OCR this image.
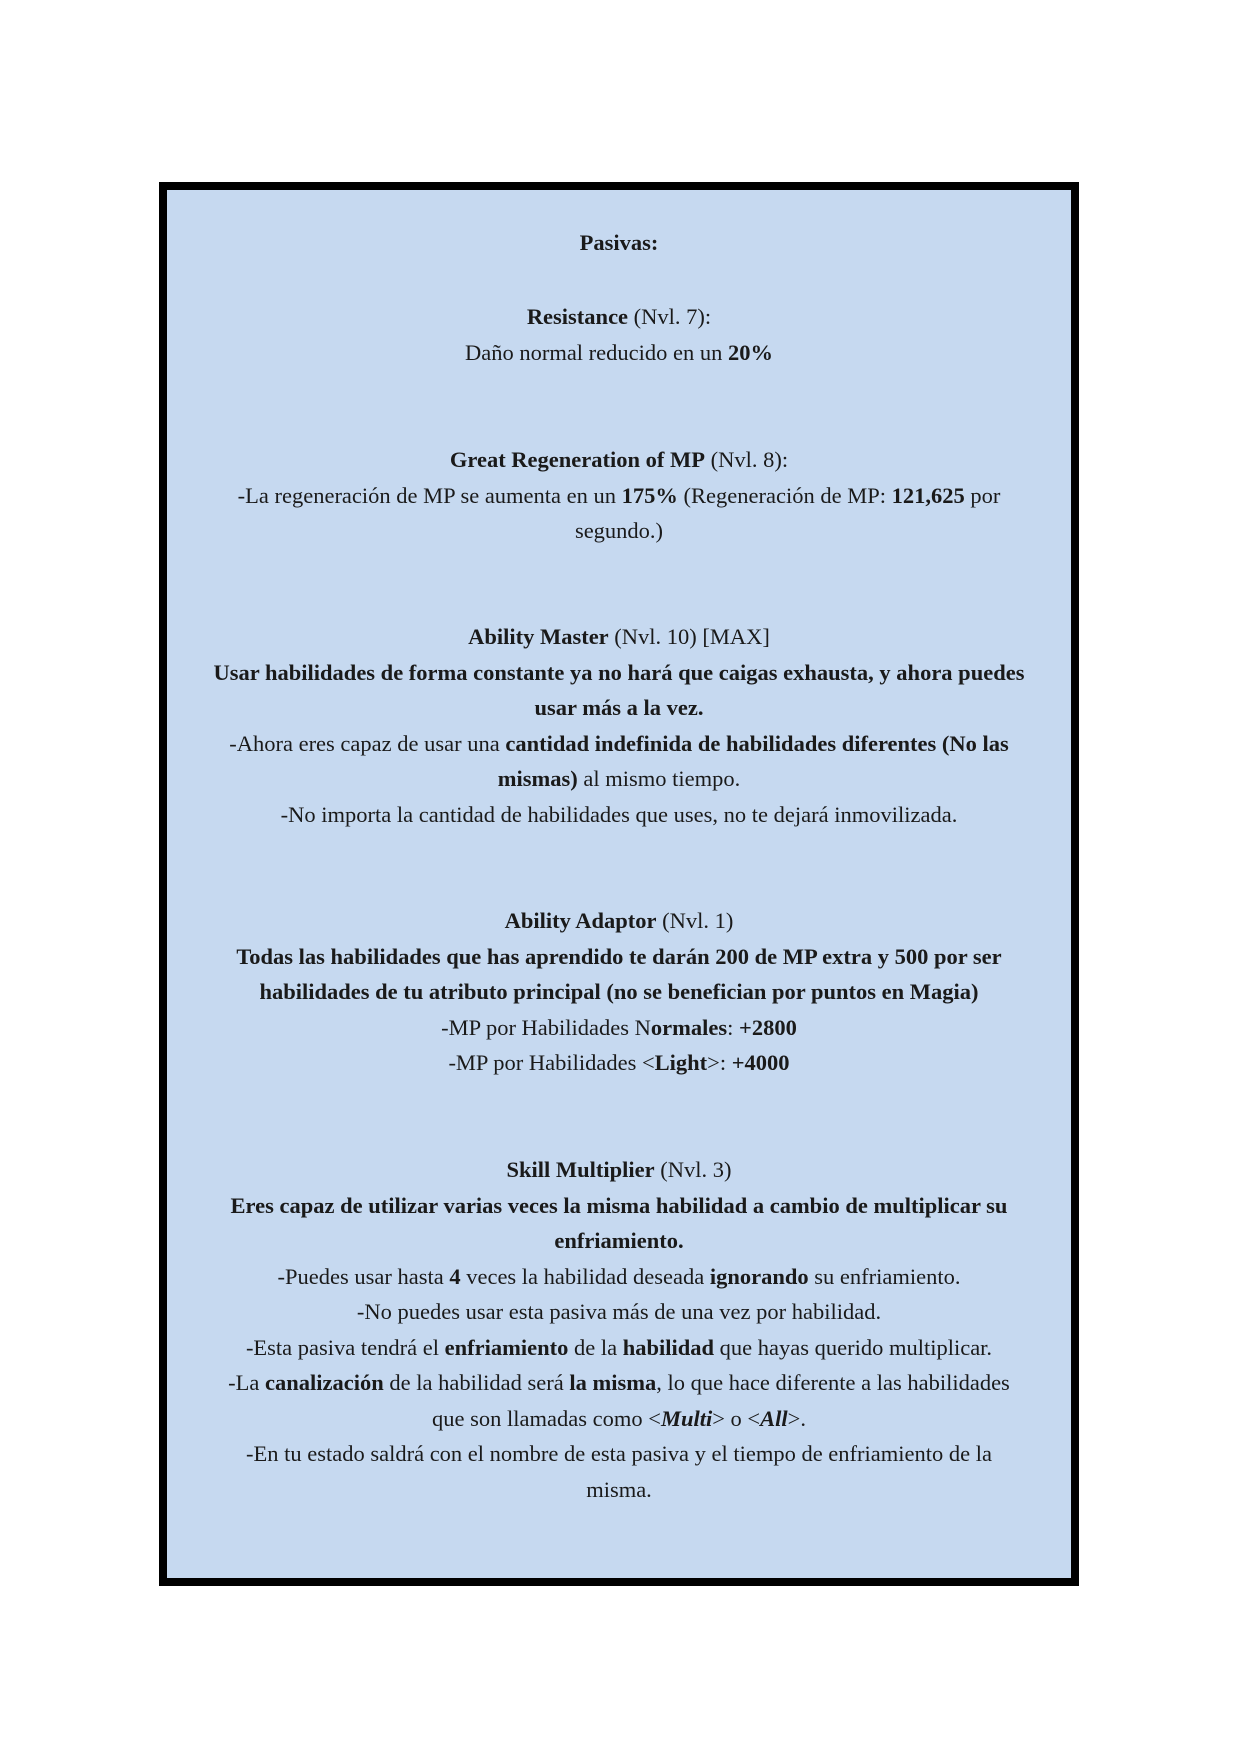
Pasivas:
Resistance (Nvl. 7):
Daño normal reducido en un 20%
Great Regeneration of MP (Nvl. 8):
-La regeneración de MP se aumenta en un 175% (Regeneración de MP: 121,625 por
segundo.)
Ability Master (Nvl. 10) [MAX]
Usar habilidades de forma constante ya no hará que caigas exhausta, y ahora puedes
usar más a la vez.
-Ahora eres capaz de usar una cantidad indefinida de habilidades diferentes (No las
mismas) al mismo tiempo.
-No importa la cantidad de habilidades que uses, no te dejará inmovilizada.
Ability Adaptor (Nvl. 1)
Todas las habilidades que has aprendido te darán 200 de MP extra y 500 por ser
habilidades de tu atributo principal (no se benefician por puntos en Magia)
-MP por Habilidades Normales: +2800
-MP por Habilidades <Light>: +4000
Skill Multiplier (Nvl. 3)
Eres capaz de utilizar varias veces la misma habilidad a cambio de multiplicar su
enfriamiento.
-Puedes usar hasta 4 veces la habilidad deseada ignorando su enfriamiento.
-No puedes usar esta pasiva más de una vez por habilidad.
-Esta pasiva tendrá el enfriamiento de la habilidad que hayas querido multiplicar.
-La canalización de la habilidad será la misma, lo que hace diferente a las habilidades
que son llamadas como <Multi> o <All>.
-En tu estado saldrá con el nombre de esta pasiva y el tiempo de enfriamiento de la
misma.
